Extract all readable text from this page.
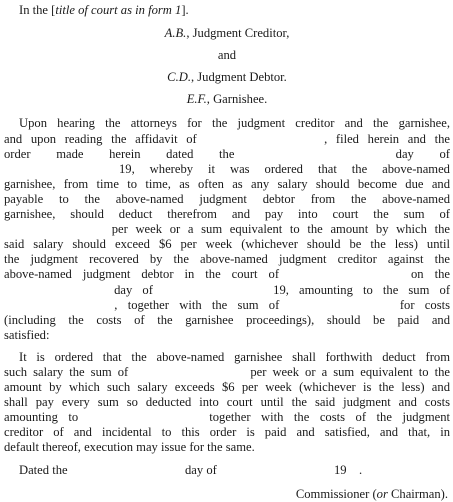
In the [title of court as in form 1].
A.B., Judgment Creditor,
and
C.D., Judgment Debtor.
E.F., Garnishee.
Upon hearing the attorneys for the judgment creditor and the garnishee,
and upon reading the affidavit of	, filed herein and the
order made herein dated the	day of
19, whereby it was ordered that the above-named
garnishee, from time to time, as often as any salary should become due and
payable to the above-named judgment debtor from the above-named
garnishee, should deduct therefrom and pay into court the sum of
per week or a sum equivalent to the amount by which the
said salary should exceed $6 per week (whichever should be the less) until
the judgment recovered by the above-named judgment creditor against the
above-named judgment debtor in the court of	on the
day of	19, amounting to the sum of
, together with the sum of	for costs
(including the costs of the garnishee proceedings), should be paid and
satisfied:
It is ordered that the above-named garnishee shall forthwith deduct from
such salary the sum of	per week or a sum equivalent to the
amount by which such salary exceeds $6 per week (whichever is the less) and
shall pay every sum so deducted into court until the said judgment and costs
amounting to	together with the costs of the judgment
creditor of and incidental to this order is paid and satisfied, and that, in
default thereof, execution may issue for the same.
Dated the	day of	19 .
Commissioner (or Chairman).
